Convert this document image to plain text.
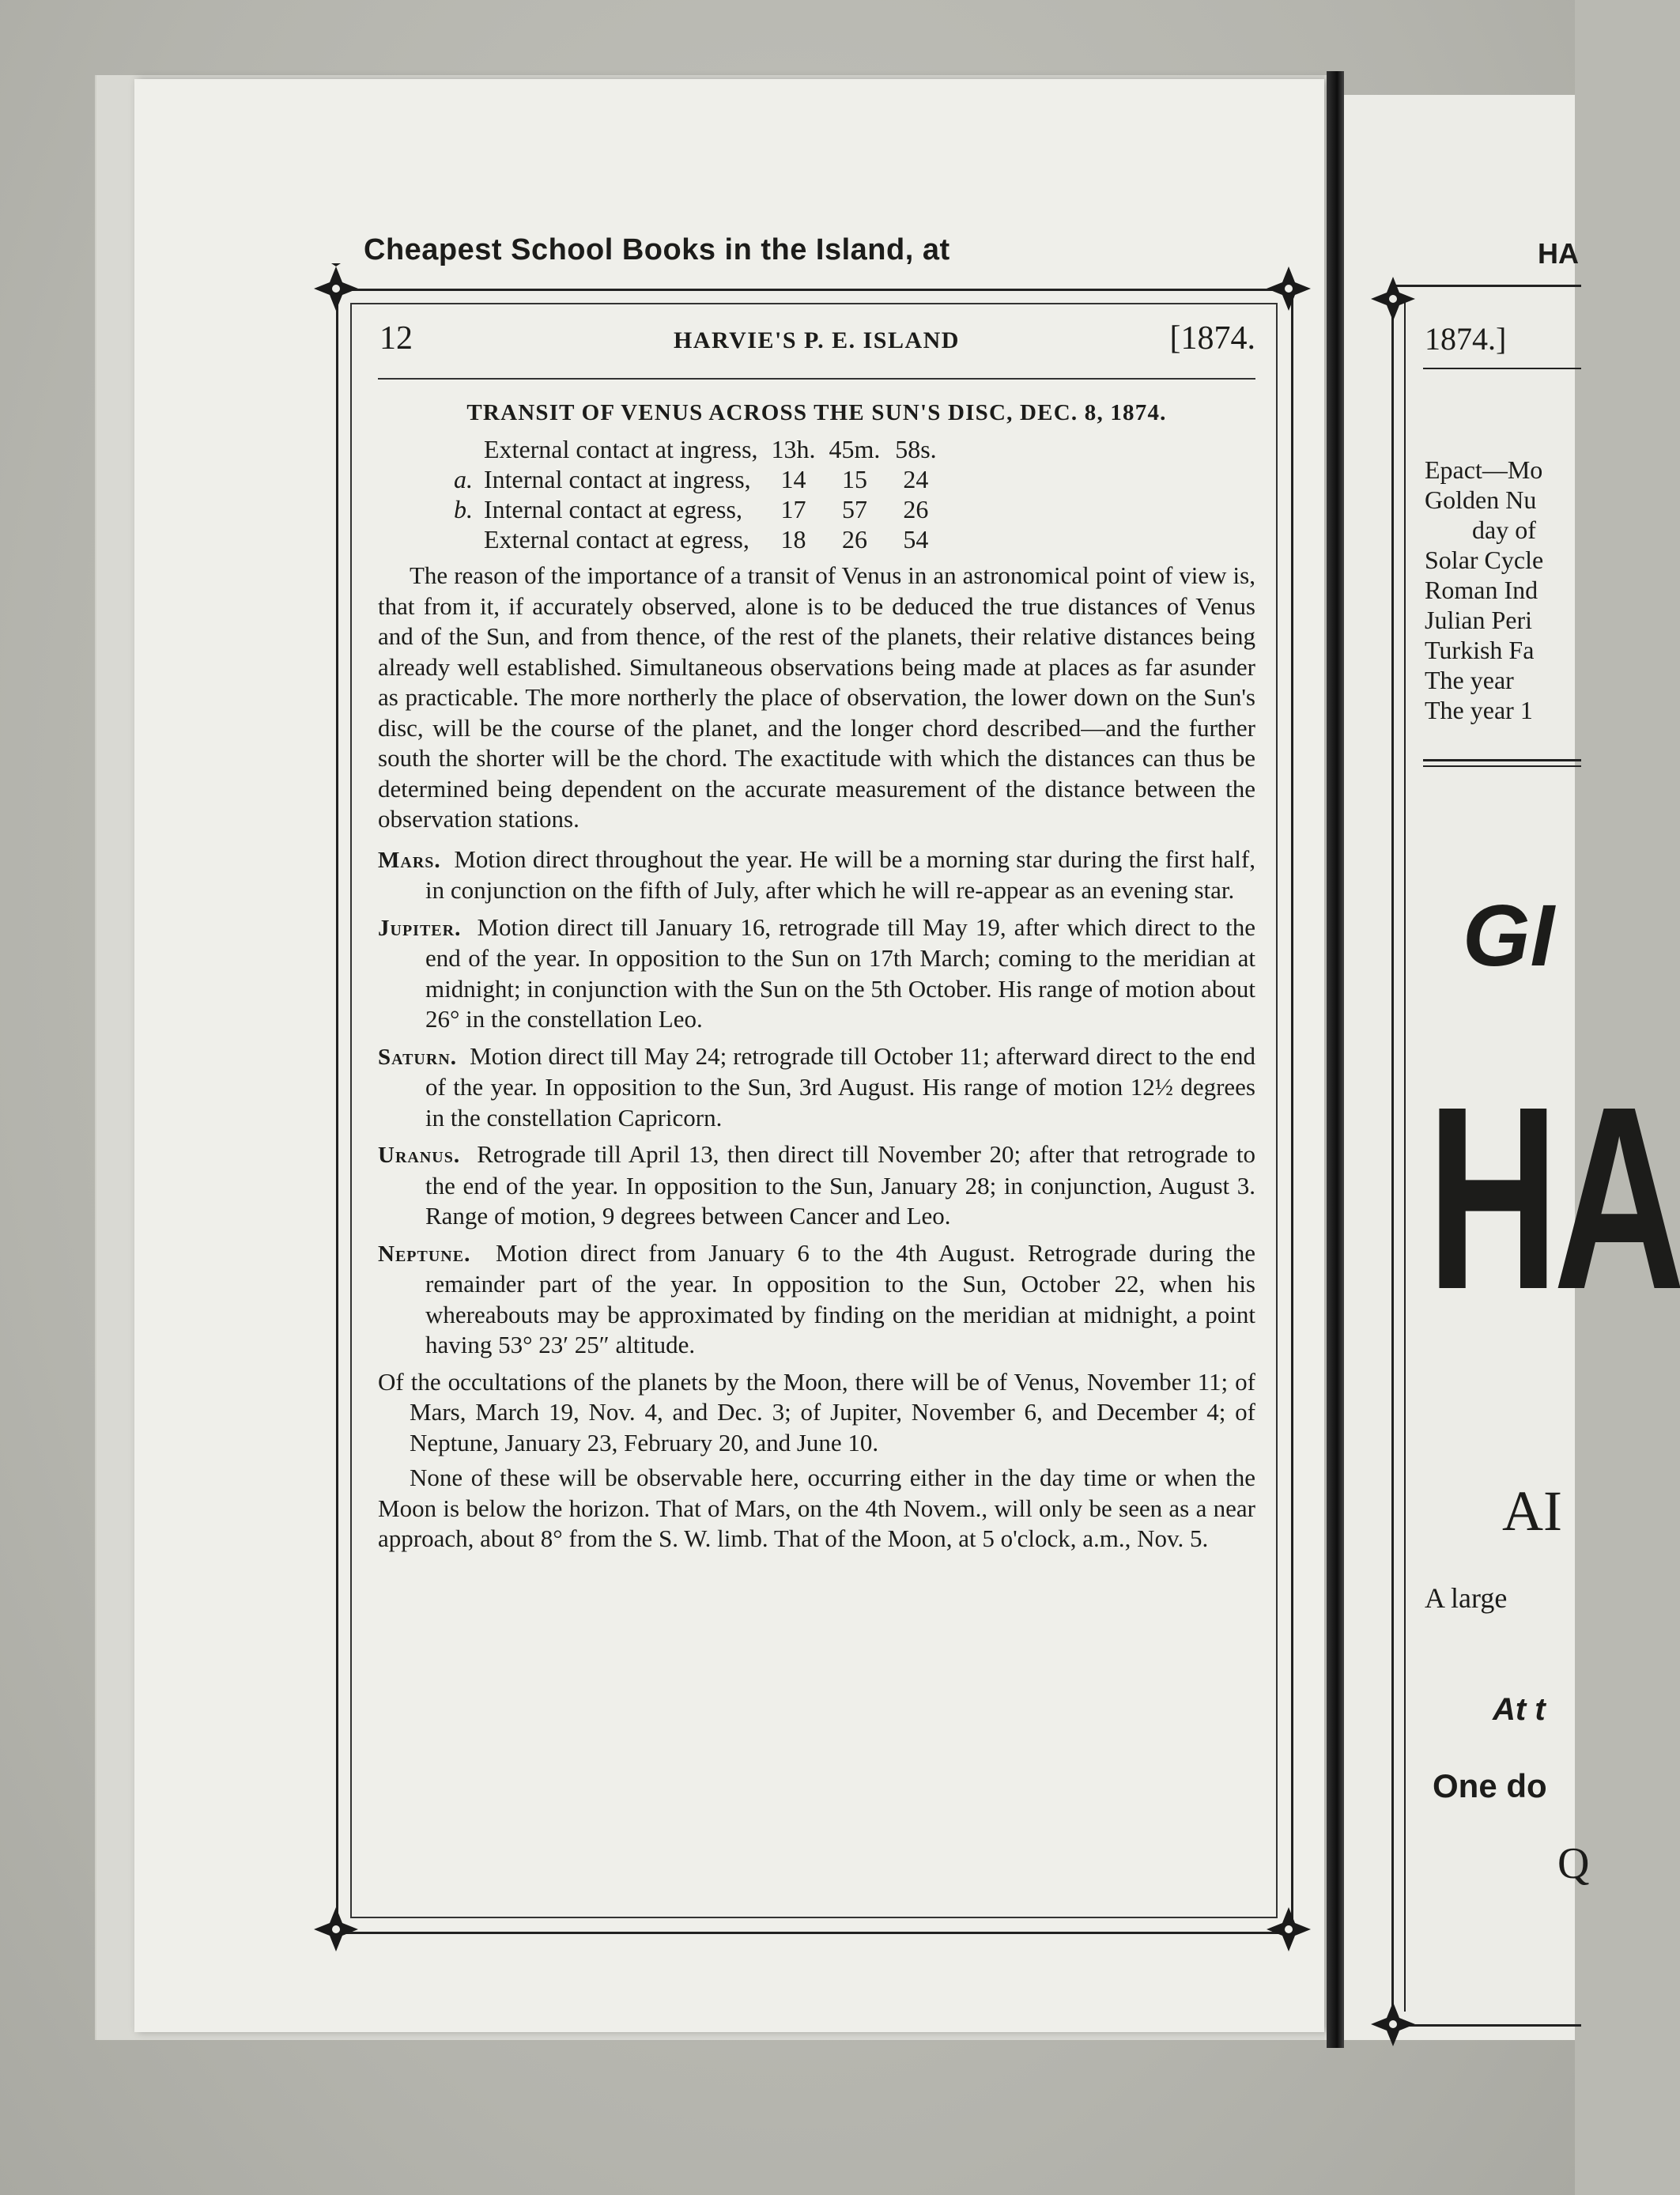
Cheapest School Books in the Island, at
12	HARVIE'S P. E. ISLAND	[1874.
TRANSIT OF VENUS ACROSS THE SUN'S DISC, DEC. 8, 1874.
	External contact at ingress,	13h.	45m.	58s.
a.	Internal contact at ingress,	14	15	24
b.	Internal contact at egress,	17	57	26
	External contact at egress,	18	26	54

The reason of the importance of a transit of Venus in an astronomical point of view is, that from it, if accurately observed, alone is to be deduced the true distances of Venus and of the Sun, and from thence, of the rest of the planets, their relative distances being already well established. Simultaneous observations being made at places as far asunder as practicable. The more northerly the place of observation, the lower down on the Sun's disc, will be the course of the planet, and the longer chord described—and the further south the shorter will be the chord. The exactitude with which the distances can thus be determined being dependent on the accurate measurement of the distance between the observation stations.

Mars. Motion direct throughout the year. He will be a morning star during the first half, in conjunction on the fifth of July, after which he will re-appear as an evening star.

Jupiter. Motion direct till January 16, retrograde till May 19, after which direct to the end of the year. In opposition to the Sun on 17th March; coming to the meridian at midnight; in conjunction with the Sun on the 5th October. His range of motion about 26° in the constellation Leo.

Saturn. Motion direct till May 24; retrograde till October 11; afterward direct to the end of the year. In opposition to the Sun, 3rd August. His range of motion 12½ degrees in the constellation Capricorn.

Uranus. Retrograde till April 13, then direct till November 20; after that retrograde to the end of the year. In opposition to the Sun, January 28; in conjunction, August 3. Range of motion, 9 degrees between Cancer and Leo.

Neptune. Motion direct from January 6 to the 4th August. Retrograde during the remainder part of the year. In opposition to the Sun, October 22, when his whereabouts may be approximated by finding on the meridian at midnight, a point having 53° 23′ 25″ altitude.

Of the occultations of the planets by the Moon, there will be of Venus, November 11; of Mars, March 19, Nov. 4, and Dec. 3; of Jupiter, November 6, and December 4; of Neptune, January 23, February 20, and June 10.

None of these will be observable here, occurring either in the day time or when the Moon is below the horizon. That of Mars, on the 4th Novem., will only be seen as a near approach, about 8° from the S. W. limb. That of the Moon, at 5 o'clock, a.m., Nov. 5.

HA
1874.]
Epact—Mo
Golden Nu
day of
Solar Cycle
Roman Ind
Julian Peri
Turkish Fa
The year
The year 1
GI
HA
AI
A large
At t
One do
Q
